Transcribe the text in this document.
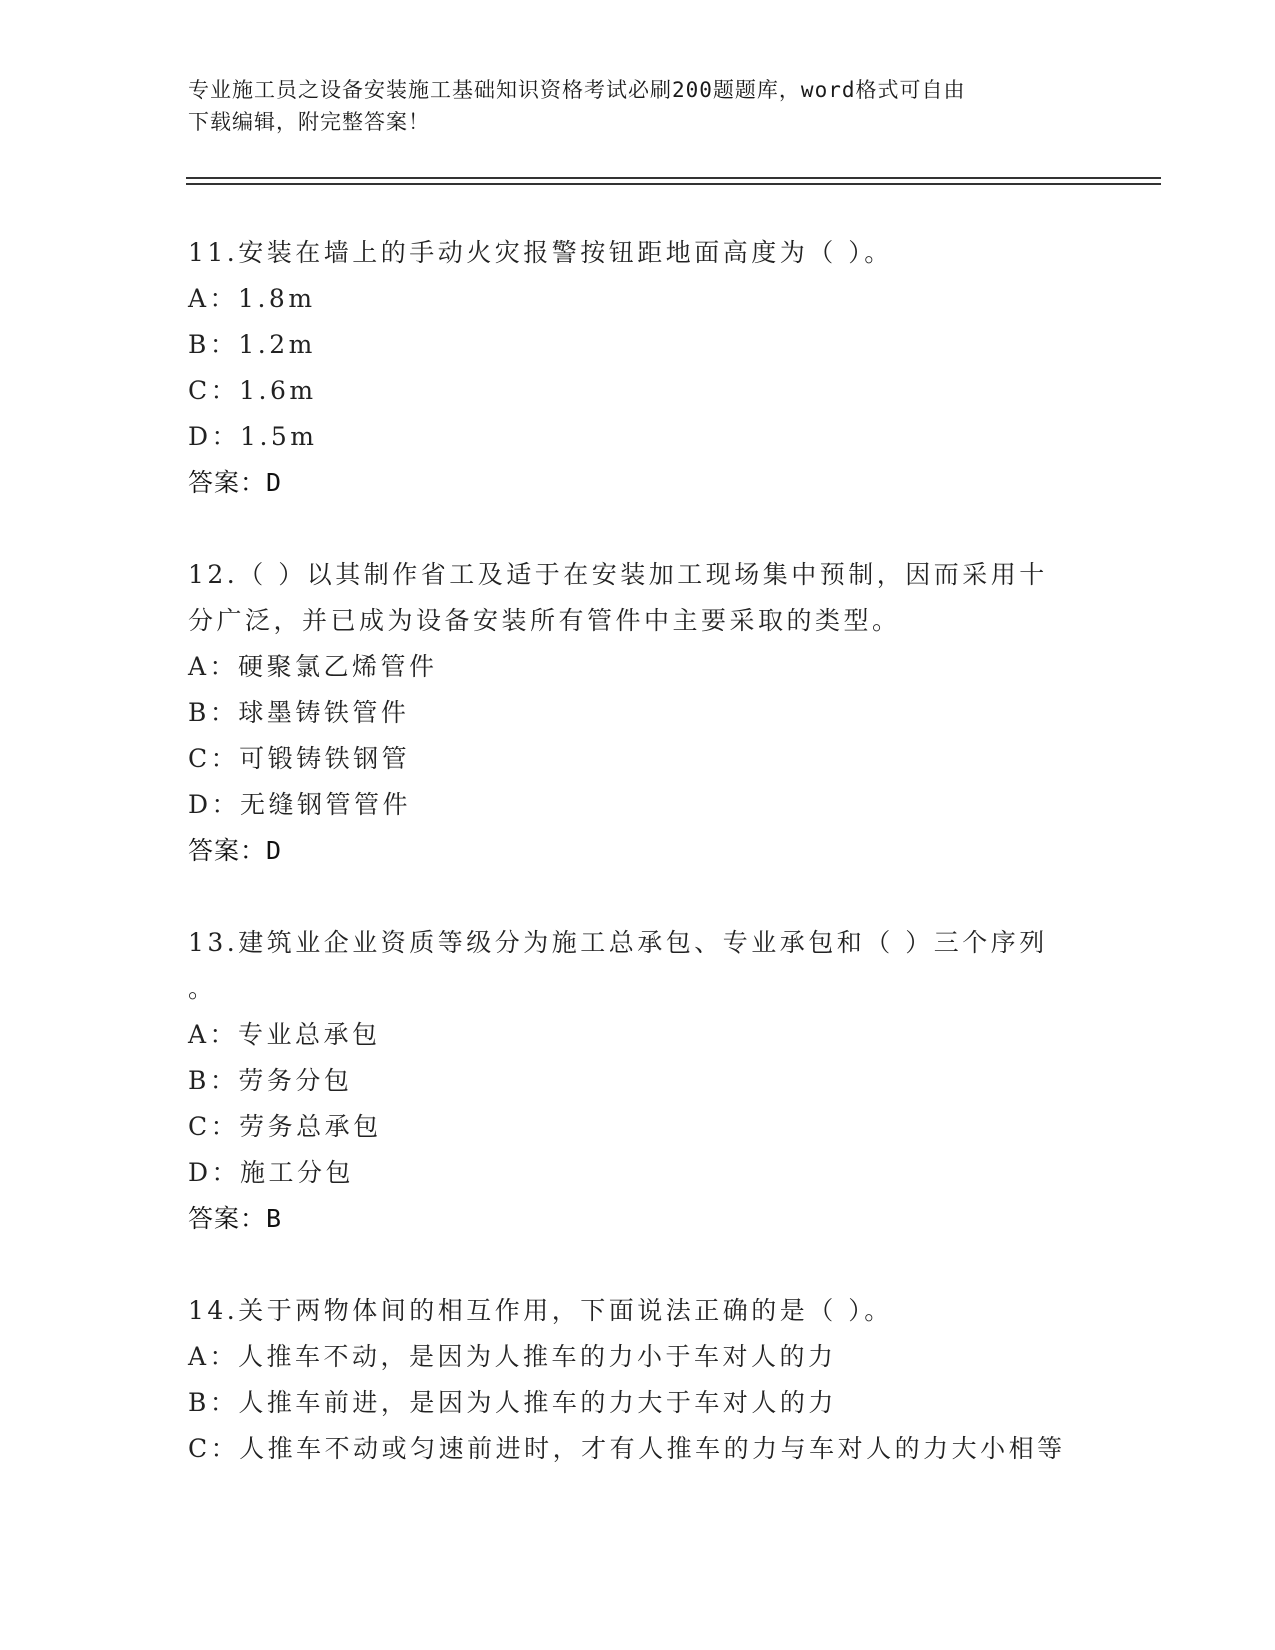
专业施工员之设备安装施工基础知识资格考试必刷200题题库，word格式可自由
下载编辑，附完整答案！

11.安装在墙上的手动火灾报警按钮距地面高度为（ ）。

A：1.8m

B：1.2m

C：1.6m

D：1.5m

答案：D

12.（ ）以其制作省工及适于在安装加工现场集中预制，因而采用十

分广泛，并已成为设备安装所有管件中主要采取的类型。

A：硬聚氯乙烯管件

B：球墨铸铁管件

C：可锻铸铁钢管

D：无缝钢管管件

答案：D

13.建筑业企业资质等级分为施工总承包、专业承包和（ ）三个序列

。

A：专业总承包

B：劳务分包

C：劳务总承包

D：施工分包

答案：B

14.关于两物体间的相互作用，下面说法正确的是（ ）。

A：人推车不动，是因为人推车的力小于车对人的力

B：人推车前进，是因为人推车的力大于车对人的力

C：人推车不动或匀速前进时，才有人推车的力与车对人的力大小相等
